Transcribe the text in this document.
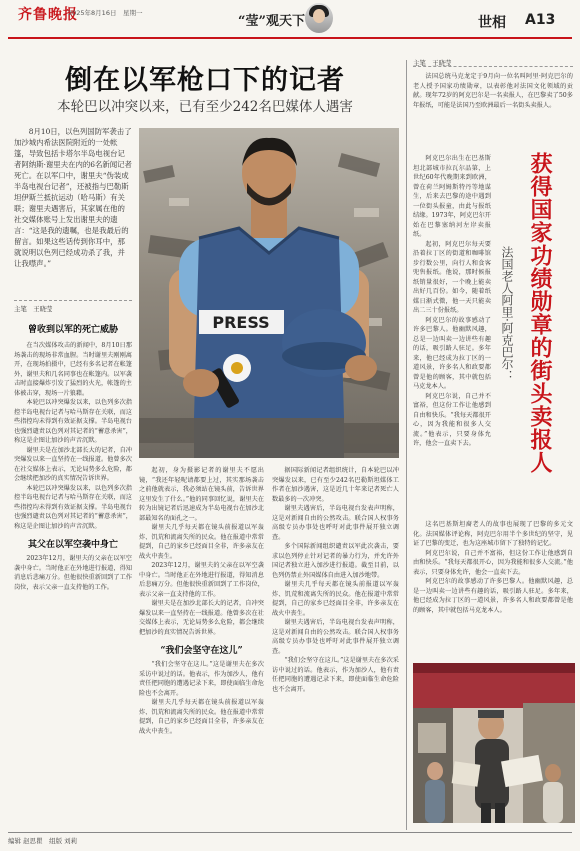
齐鲁晚报
2025年8月16日　星期一
“莹”观天下	世相 A13
倒在以军枪口下的记者
本轮巴以冲突以来，已有至少242名巴媒体人遇害
8月10日，以色列国防军袭击了加沙城内希法医院附近的一处帐篷，导致包括卡塔尔半岛电视台记者阿纳斯·谢里夫在内的6名新闻记者死亡。在以军口中，谢里夫“伪装成半岛电视台记者”，还被指与巴勒斯坦伊斯兰抵抗运动（哈马斯）有关联；谢里夫遇害后，其家属在他的社交媒体账号上发出谢里夫的遗言：“这是我的遗嘱，也是我最后的留言。如果这些话传到你耳中，那就说明以色列已经成功杀了我，并让我噤声。”
主笔　王晓莹
曾收到以军的死亡威胁
在当次媒体攻击的新闻中，8月10日那场袭击的现场非常血腥。当时谢里夫刚刚离开，在现场拍摄中，已经有多名记者在帐篷外，谢里夫和几名同事也在帐篷内。以军袭击时直接爆炸引发了猛烈的火光，帐篷的主体被击穿，现场一片狼藉。
本轮巴以冲突爆发以来，以色列多次指控半岛电视台记者与哈马斯存在关联，而这些指控均未得到有效证据支撑。半岛电视台也强烈谴责以色列对其记者的“蓄意杀害”，称这是企图让加沙的声音沉默。
谢里夫是在加沙北部长大的记者，自冲突爆发以来一直坚持在一线报道。他曾多次在社交媒体上表示，无论局势多么危险，都会继续把加沙的真实情况告诉世界。
本轮巴以冲突爆发以来，以色列多次指控半岛电视台记者与哈马斯存在关联，而这些指控均未得到有效证据支撑。半岛电视台也强烈谴责以色列对其记者的“蓄意杀害”，称这是企图让加沙的声音沉默。
其父在以军空袭中身亡
2023年12月，谢里夫的父亲在以军空袭中身亡。当时他正在外地进行报道，得知消息后悲痛万分。但他很快重新回到了工作岗位，表示父亲一直支持他的工作。
PRESS
起初，身为摄影记者的谢里夫不愿出镜，“我还年轻呢请都要上过，其实那场袭击之前他就表示，我必须站在镜头前，告诉世界这里发生了什么。”他的同事回忆说，谢里夫在转为出镜记者后迅速成为半岛电视台在加沙北部最知名的面孔之一。
谢里夫几乎每天都在镜头前报道以军轰炸、饥荒和流离失所的民众。他在报道中常常提到，自己的家乡已经面目全非，许多亲友在战火中丧生。
2023年12月，谢里夫的父亲在以军空袭中身亡。当时他正在外地进行报道，得知消息后悲痛万分。但他很快重新回到了工作岗位，表示父亲一直支持他的工作。
谢里夫是在加沙北部长大的记者，自冲突爆发以来一直坚持在一线报道。他曾多次在社交媒体上表示，无论局势多么危险，都会继续把加沙的真实情况告诉世界。
“我们会坚守在这儿”
“我们会坚守在这儿。”这是谢里夫在多次采访中说过的话。他表示，作为加沙人，他有责任把同胞的遭遇记录下来，即使面临生命危险也不会离开。
谢里夫几乎每天都在镜头前报道以军轰炸、饥荒和流离失所的民众。他在报道中常常提到，自己的家乡已经面目全非，许多亲友在战火中丧生。
据国际新闻记者组织统计，自本轮巴以冲突爆发以来，已有至少242名巴勒斯坦媒体工作者在加沙遇害，这是近几十年来记者死亡人数最多的一次冲突。
谢里夫遇害后，半岛电视台发表声明称，这是对新闻自由的公然攻击。联合国人权事务高级专员办事处也呼吁对此事件展开独立调查。
多个国际新闻组织谴责以军此次袭击，要求以色列停止针对记者的暴力行为，并允许外国记者独立进入加沙进行报道。截至目前，以色列仍禁止外国媒体自由进入加沙地带。
谢里夫几乎每天都在镜头前报道以军轰炸、饥荒和流离失所的民众。他在报道中常常提到，自己的家乡已经面目全非，许多亲友在战火中丧生。
谢里夫遇害后，半岛电视台发表声明称，这是对新闻自由的公然攻击。联合国人权事务高级专员办事处也呼吁对此事件展开独立调查。
“我们会坚守在这儿。”这是谢里夫在多次采访中说过的话。他表示，作为加沙人，他有责任把同胞的遭遇记录下来，即使面临生命危险也不会离开。
主笔　王晓莹
法国总统马克龙定于9月向一位名叫阿里·阿克巴尔的老人授予国家功绩勋章，以表彰他对法国文化领域的贡献。现年72岁的阿克巴尔是一名卖报人，在巴黎卖了50多年报纸，可能是法国乃至欧洲最后一名街头卖报人。
获得国家功绩勋章的街头卖报人
法国老人阿里·阿克巴尔：
阿克巴尔出生在巴基斯坦北部城市拉瓦尔品第，上世纪60年代晚期来到欧洲，曾在荷兰阿姆斯特丹等地谋生，后来去巴黎的途中遇到一位街头报童，由此与报纸结缘。1973年，阿克巴尔开始在巴黎塞纳河左岸卖报纸。
起初，阿克巴尔每天要沿着拉丁区的街道和咖啡馆步行数公里，向行人和食客兜售报纸。他说，那时候报纸销量很好，一个晚上能卖出好几百份。如今，随着纸媒日渐式微，他一天只能卖出二三十份报纸。
阿克巴尔的故事感动了许多巴黎人。他幽默风趣，总是一边叫卖一边讲些有趣的话，吸引路人驻足。多年来，他已经成为拉丁区的一道风景，许多名人和政要都曾是他的顾客，其中就包括马克龙本人。
阿克巴尔说，自己并不富裕，但这份工作让他感到自由和快乐。“我每天都很开心，因为我能和很多人交流。”他表示，只要身体允许，他会一直卖下去。
这名巴基斯坦裔老人的故事也展现了巴黎的多元文化。法国媒体评论称，阿克巴尔用半个多世纪的坚守，见证了巴黎的变迁，也为这座城市留下了独特的记忆。
阿克巴尔说，自己并不富裕，但这份工作让他感到自由和快乐。“我每天都很开心，因为我能和很多人交流。”他表示，只要身体允许，他会一直卖下去。
阿克巴尔的故事感动了许多巴黎人。他幽默风趣，总是一边叫卖一边讲些有趣的话，吸引路人驻足。多年来，他已经成为拉丁区的一道风景，许多名人和政要都曾是他的顾客，其中就包括马克龙本人。
编辑 赵思瞿　组版 刘莉
